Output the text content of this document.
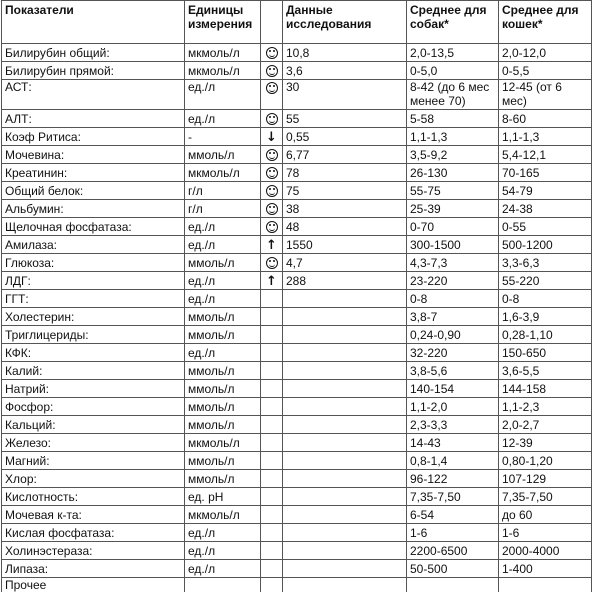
Показатели	Единицы измерения		Данные исследования	Среднее для собак*	Среднее для кошек*
Билирубин общий:	мкмоль/л		10,8	2,0-13,5	2,0-12,0
Билирубин прямой:	мкмоль/л		3,6	0-5,0	0-5,5
АСТ:	ед./л		30	8-42 (до 6 мес менее 70)	12-45 (от 6 мес)
АЛТ:	ед./л		55	5-58	8-60
Коэф Ритиса:	-	↓	0,55	1,1-1,3	1,1-1,3
Мочевина:	ммоль/л		6,77	3,5-9,2	5,4-12,1
Креатинин:	мкмоль/л		78	26-130	70-165
Общий белок:	г/л		75	55-75	54-79
Альбумин:	г/л		38	25-39	24-38
Щелочная фосфатаза:	ед./л		48	0-70	0-55
Амилаза:	ед./л	↑	1550	300-1500	500-1200
Глюкоза:	ммоль/л		4,7	4,3-7,3	3,3-6,3
ЛДГ:	ед./л	↑	288	23-220	55-220
ГГТ:	ед./л			0-8	0-8
Холестерин:	ммоль/л			3,8-7	1,6-3,9
Триглицериды:	ммоль/л			0,24-0,90	0,28-1,10
КФК:	ед./л			32-220	150-650
Калий:	ммоль/л			3,8-5,6	3,6-5,5
Натрий:	ммоль/л			140-154	144-158
Фосфор:	ммоль/л			1,1-2,0	1,1-2,3
Кальций:	ммоль/л			2,3-3,3	2,0-2,7
Железо:	мкмоль/л			14-43	12-39
Магний:	ммоль/л			0,8-1,4	0,80-1,20
Хлор:	ммоль/л			96-122	107-129
Кислотность:	ед. pH			7,35-7,50	7,35-7,50
Мочевая к-та:	мкмоль/л			6-54	до 60
Кислая фосфатаза:	ед./л			1-6	1-6
Холинэстераза:	ед./л			2200-6500	2000-4000
Липаза:	ед./л			50-500	1-400
Прочее					
